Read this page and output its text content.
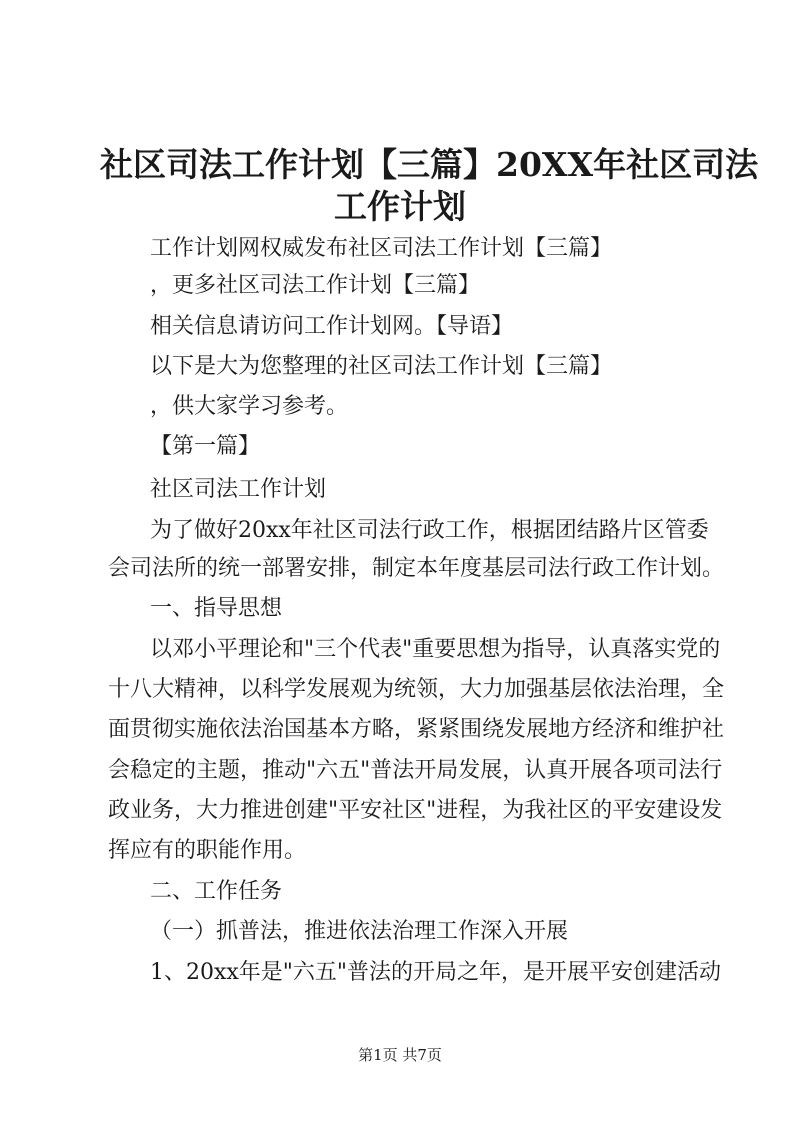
社区司法工作计划【三篇】20XX年社区司法
工作计划
工作计划网权威发布社区司法工作计划【三篇】
，更多社区司法工作计划【三篇】
相关信息请访问工作计划网。【导语】
以下是大为您整理的社区司法工作计划【三篇】
，供大家学习参考。
【第一篇】
社区司法工作计划
为了做好20xx年社区司法行政工作，根据团结路片区管委
会司法所的统一部署安排，制定本年度基层司法行政工作计划。
一、指导思想
以邓小平理论和"三个代表"重要思想为指导，认真落实党的
十八大精神，以科学发展观为统领，大力加强基层依法治理，全
面贯彻实施依法治国基本方略，紧紧围绕发展地方经济和维护社
会稳定的主题，推动"六五"普法开局发展，认真开展各项司法行
政业务，大力推进创建"平安社区"进程，为我社区的平安建设发
挥应有的职能作用。
二、工作任务
（一）抓普法，推进依法治理工作深入开展
1、20xx年是"六五"普法的开局之年，是开展平安创建活动
第1页 共7页
